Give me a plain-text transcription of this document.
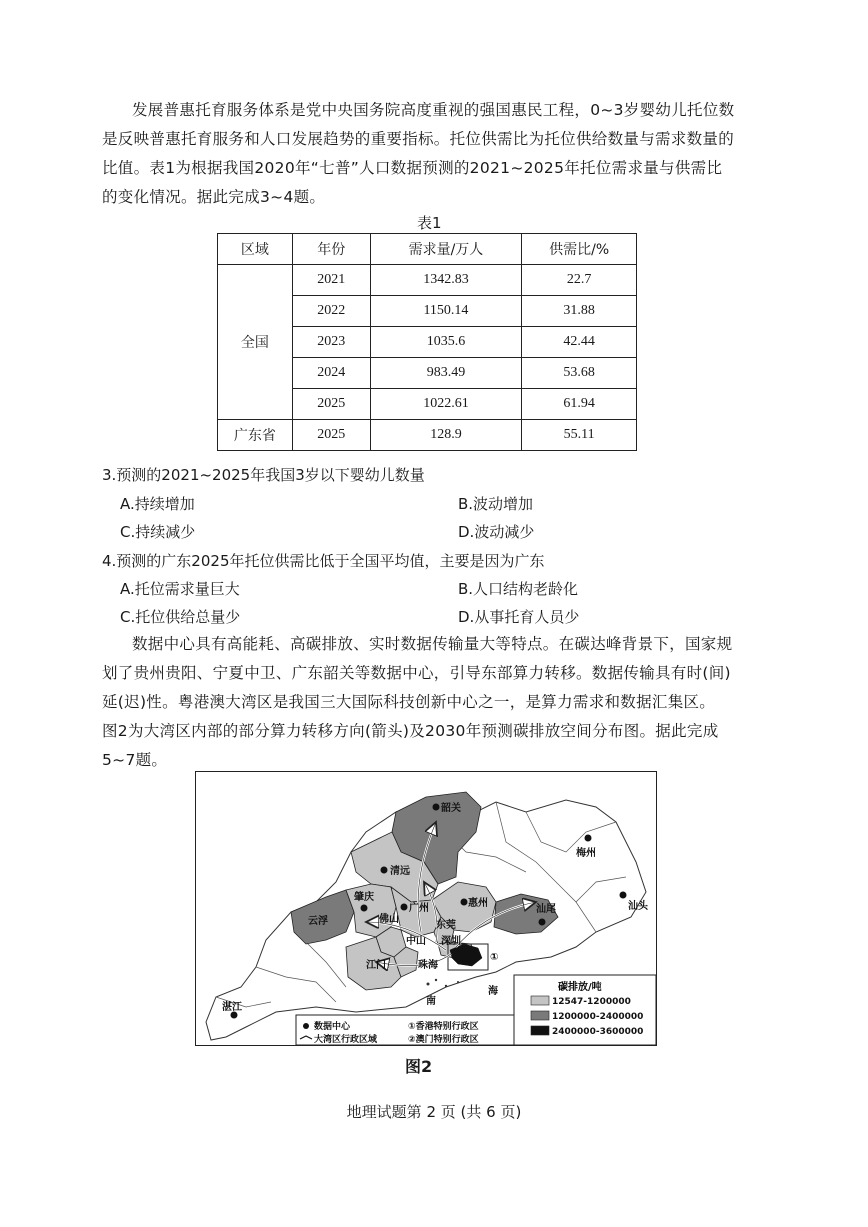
发展普惠托育服务体系是党中央国务院高度重视的强国惠民工程，0~3岁婴幼儿托位数
是反映普惠托育服务和人口发展趋势的重要指标。托位供需比为托位供给数量与需求数量的
比值。表1为根据我国2020年“七普”人口数据预测的2021~2025年托位需求量与供需比
的变化情况。据此完成3~4题。
表1
区域	年份	需求量/万人	供需比/%
全国	2021	1342.83	22.7
	2022	1150.14	31.88
	2023	1035.6	42.44
	2024	983.49	53.68
	2025	1022.61	61.94
广东省	2025	128.9	55.11
3.预测的2021~2025年我国3岁以下婴幼儿数量
A.持续增加	B.波动增加
C.持续减少	D.波动减少
4.预测的广东2025年托位供需比低于全国平均值，主要是因为广东
A.托位需求量巨大	B.人口结构老龄化
C.托位供给总量少	D.从事托育人员少
数据中心具有高能耗、高碳排放、实时数据传输量大等特点。在碳达峰背景下，国家规
划了贵州贵阳、宁夏中卫、广东韶关等数据中心，引导东部算力转移。数据传输具有时(间)
延(迟)性。粤港澳大湾区是我国三大国际科技创新中心之一，是算力需求和数据汇集区。
图2为大湾区内部的部分算力转移方向(箭头)及2030年预测碳排放空间分布图。据此完成
5~7题。
韶关
梅州
清远
肇庆
广州	惠州
佛山
云浮	东莞
汕尾	汕头
中山 深圳
江门	珠海
湛江
①
南
海	碳排放/吨
12547-1200000
1200000-2400000
2400000-3600000
数据中心
大湾区行政区域
①香港特别行政区
②澳门特别行政区
图2
地理试题第 2 页 (共 6 页)
